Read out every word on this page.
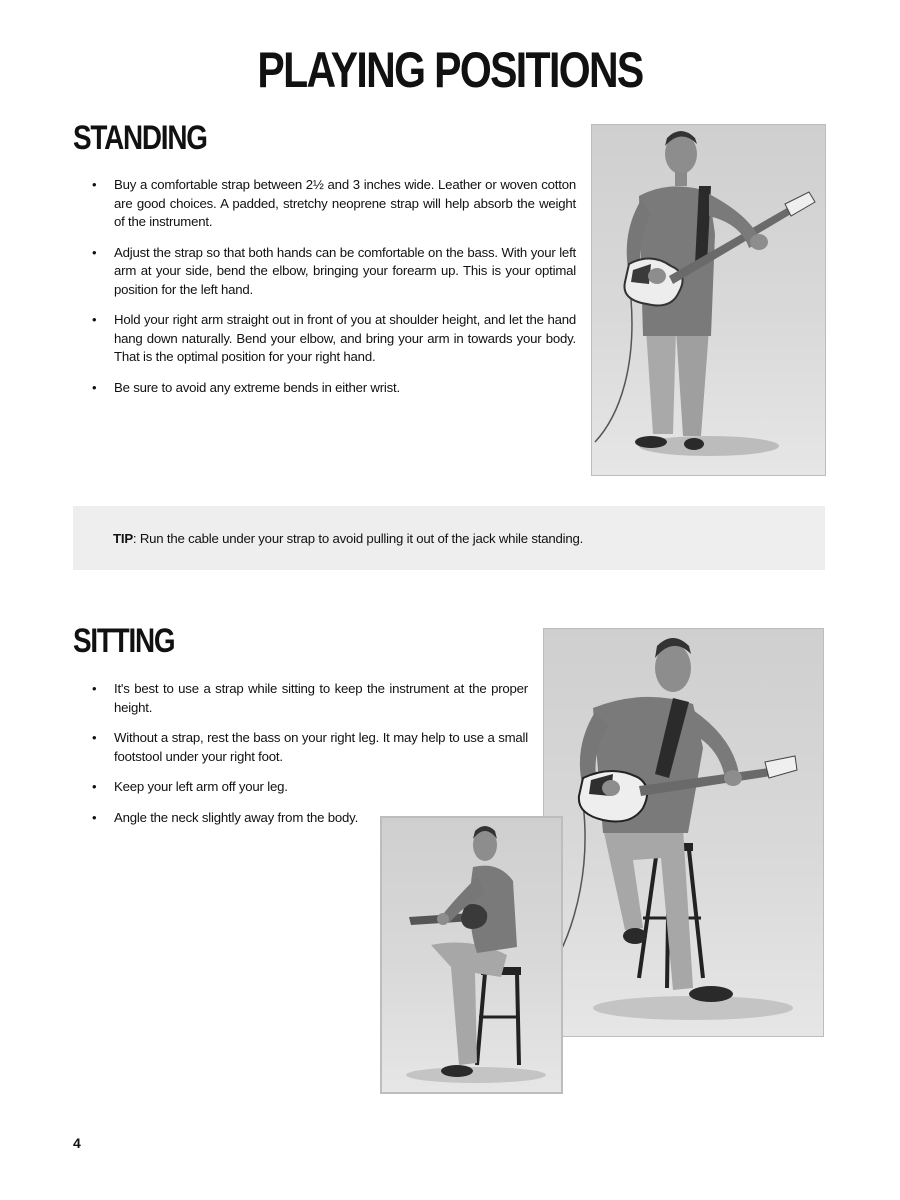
PLAYING POSITIONS
STANDING
• Buy a comfortable strap between 2½ and 3 inches wide. Leather or woven cotton are good choices. A padded, stretchy neoprene strap will help absorb the weight of the instrument.
• Adjust the strap so that both hands can be comfortable on the bass. With your left arm at your side, bend the elbow, bringing your forearm up. This is your optimal position for the left hand.
• Hold your right arm straight out in front of you at shoulder height, and let the hand hang down naturally. Bend your elbow, and bring your arm in towards your body. That is the optimal position for your right hand.
• Be sure to avoid any extreme bends in either wrist.
TIP : Run the cable under your strap to avoid pulling it out of the jack while standing.
SITTING
• It's best to use a strap while sitting to keep the instrument at the proper height.
• Without a strap, rest the bass on your right leg. It may help to use a small footstool under your right foot.
• Keep your left arm off your leg.
• Angle the neck slightly away from the body.
4
